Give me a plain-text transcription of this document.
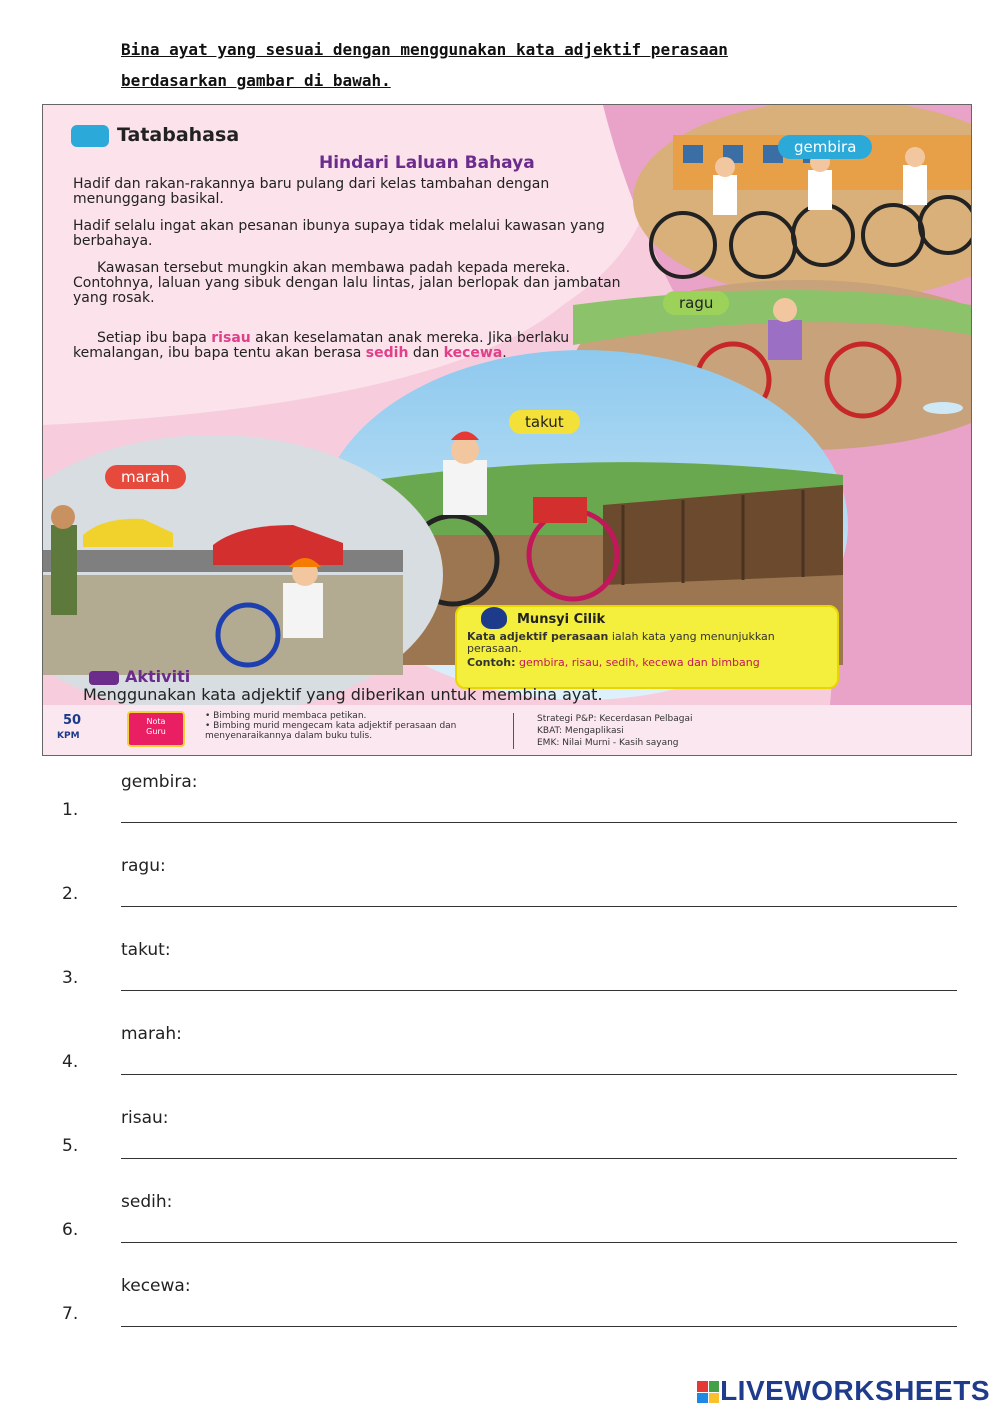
Bina ayat yang sesuai dengan menggunakan kata adjektif perasaan
berdasarkan gambar di bawah.
Tatabahasa
Hindari Laluan Bahaya
Hadif dan rakan-rakannya baru pulang dari kelas tambahan dengan menunggang basikal.
Hadif selalu ingat akan pesanan ibunya supaya tidak melalui kawasan yang berbahaya.
Kawasan tersebut mungkin akan membawa padah kepada mereka. Contohnya, laluan yang sibuk dengan lalu lintas, jalan berlopak dan jambatan yang rosak.
Setiap ibu bapa risau akan keselamatan anak mereka. Jika berlaku kemalangan, ibu bapa tentu akan berasa sedih dan kecewa.
gembira
ragu
takut
marah
Munsyi Cilik
Kata adjektif perasaan ialah kata yang menunjukkan perasaan.
Contoh: gembira, risau, sedih, kecewa dan bimbang
Aktiviti
Menggunakan kata adjektif yang diberikan untuk membina ayat.
50
KPM
Nota
Guru
• Bimbing murid membaca petikan.
• Bimbing murid mengecam kata adjektif perasaan dan menyenaraikannya dalam buku tulis.
Strategi P&P: Kecerdasan Pelbagai
KBAT: Mengaplikasi
EMK: Nilai Murni - Kasih sayang
gembira:
1.
ragu:
2.
takut:
3.
marah:
4.
risau:
5.
sedih:
6.
kecewa:
7.
LIVEWORKSHEETS
